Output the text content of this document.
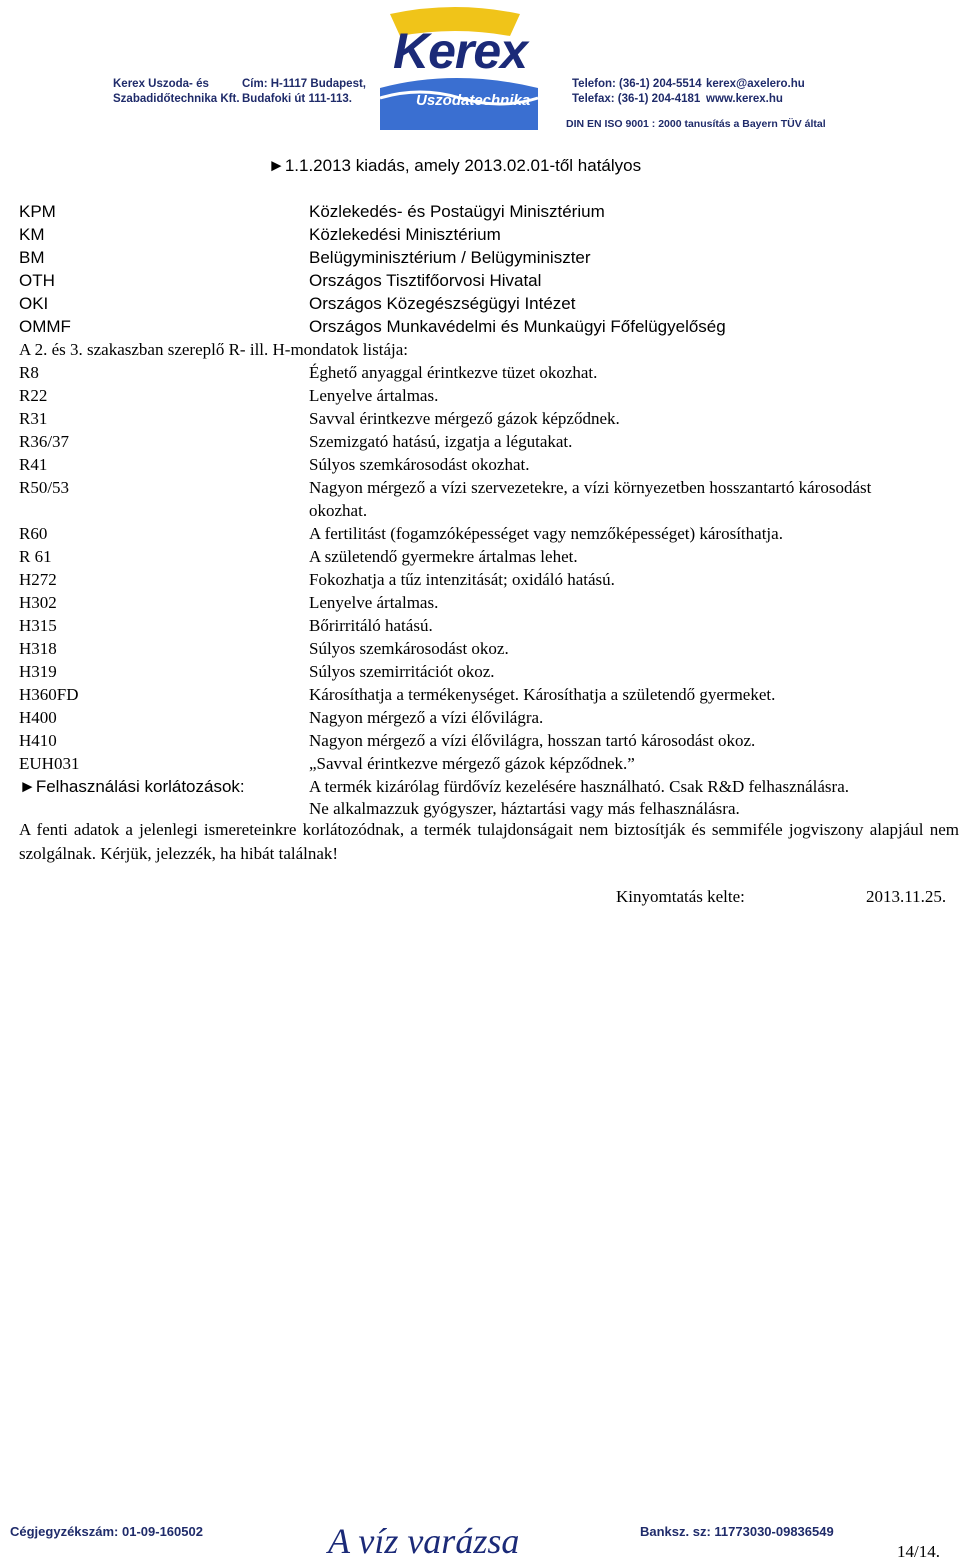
Kerex Uszoda- és
Szabadidőtechnika Kft.
Cím: H-1117 Budapest,
Budafoki út 111-113.
Kerex
Uszodatechnika
Telefon: (36-1) 204-5514
Telefax: (36-1) 204-4181
kerex@axelero.hu
www.kerex.hu
DIN EN ISO 9001 : 2000 tanusítás a Bayern TÜV által
►1.1.2013 kiadás, amely 2013.02.01-től hatályos
KPM	Közlekedés- és Postaügyi Minisztérium
KM	Közlekedési Minisztérium
BM	Belügyminisztérium / Belügyminiszter
OTH	Országos Tisztifőorvosi Hivatal
OKI	Országos Közegészségügyi Intézet
OMMF	Országos Munkavédelmi és Munkaügyi Főfelügyelőség
A 2. és 3. szakaszban szereplő R- ill. H-mondatok listája:
R8	Éghető anyaggal érintkezve tüzet okozhat.
R22	Lenyelve ártalmas.
R31	Savval érintkezve mérgező gázok képződnek.
R36/37	Szemizgató hatású, izgatja a légutakat.
R41	Súlyos szemkárosodást okozhat.
R50/53	Nagyon mérgező a vízi szervezetekre, a vízi környezetben hosszantartó károsodást
okozhat.
R60	A fertilitást (fogamzóképességet vagy nemzőképességet) károsíthatja.
R 61	A születendő gyermekre ártalmas lehet.
H272	Fokozhatja a tűz intenzitását; oxidáló hatású.
H302	Lenyelve ártalmas.
H315	Bőrirritáló hatású.
H318	Súlyos szemkárosodást okoz.
H319	Súlyos szemirritációt okoz.
H360FD	Károsíthatja a termékenységet. Károsíthatja a születendő gyermeket.
H400	Nagyon mérgező a vízi élővilágra.
H410	Nagyon mérgező a vízi élővilágra, hosszan tartó károsodást okoz.
EUH031	„Savval érintkezve mérgező gázok képződnek.”
►Felhasználási korlátozások:	A termék kizárólag fürdővíz kezelésére használható. Csak R&D felhasználásra.
Ne alkalmazzuk gyógyszer, háztartási vagy más felhasználásra.
A fenti adatok a jelenlegi ismereteinkre korlátozódnak, a termék tulajdonságait nem biztosítják és semmiféle jogviszony alapjául nem szolgálnak. Kérjük, jelezzék, ha hibát találnak!
Kinyomtatás kelte:	2013.11.25.
Cégjegyzékszám: 01-09-160502	A víz varázsa	Banksz. sz: 11773030-09836549
14/14.
